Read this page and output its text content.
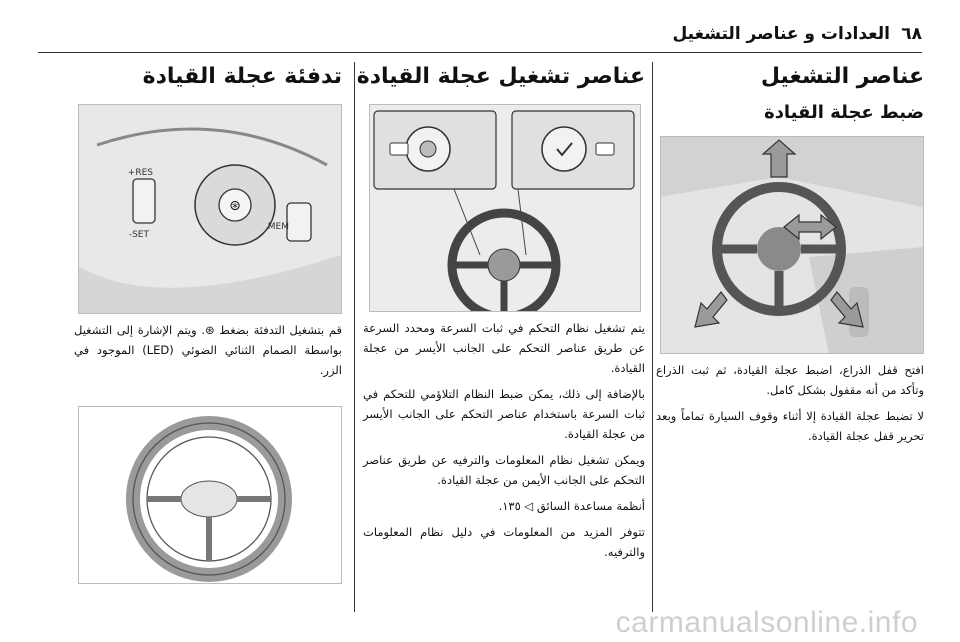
العدادات و عناصر التشغيل ٦٨
عناصر التشغيل
ضبط عجلة القيادة

افتح قفل الذراع، اضبط عجلة القيادة، ثم ثبت الذراع وتأكد من أنه مقفول بشكل كامل.

لا تضبط عجلة القيادة إلا أثناء وقوف السيارة تماماً وبعد تحرير قفل عجلة القيادة.

عناصر تشغيل عجلة القيادة

يتم تشغيل نظام التحكم في ثبات السرعة ومحدد السرعة عن طريق عناصر التحكم على الجانب الأيسر من عجلة القيادة.

بالإضافة إلى ذلك، يمكن ضبط النظام التلاؤمي للتحكم في ثبات السرعة باستخدام عناصر التحكم على الجانب الأيسر من عجلة القيادة.

ويمكن تشغيل نظام المعلومات والترفيه عن طريق عناصر التحكم على الجانب الأيمن من عجلة القيادة.

أنظمة مساعدة السائق ◁ ١٣٥.

تتوفر المزيد من المعلومات في دليل نظام المعلومات والترفيه.

تدفئة عجلة القيادة
⊛
RES+
SET-
MEM

قم بتشغيل التدفئة بضغط ⊛. ويتم الإشارة إلى التشغيل بواسطة الصمام الثنائي الضوئي (LED) الموجود في الزر.

carmanualsonline.info
